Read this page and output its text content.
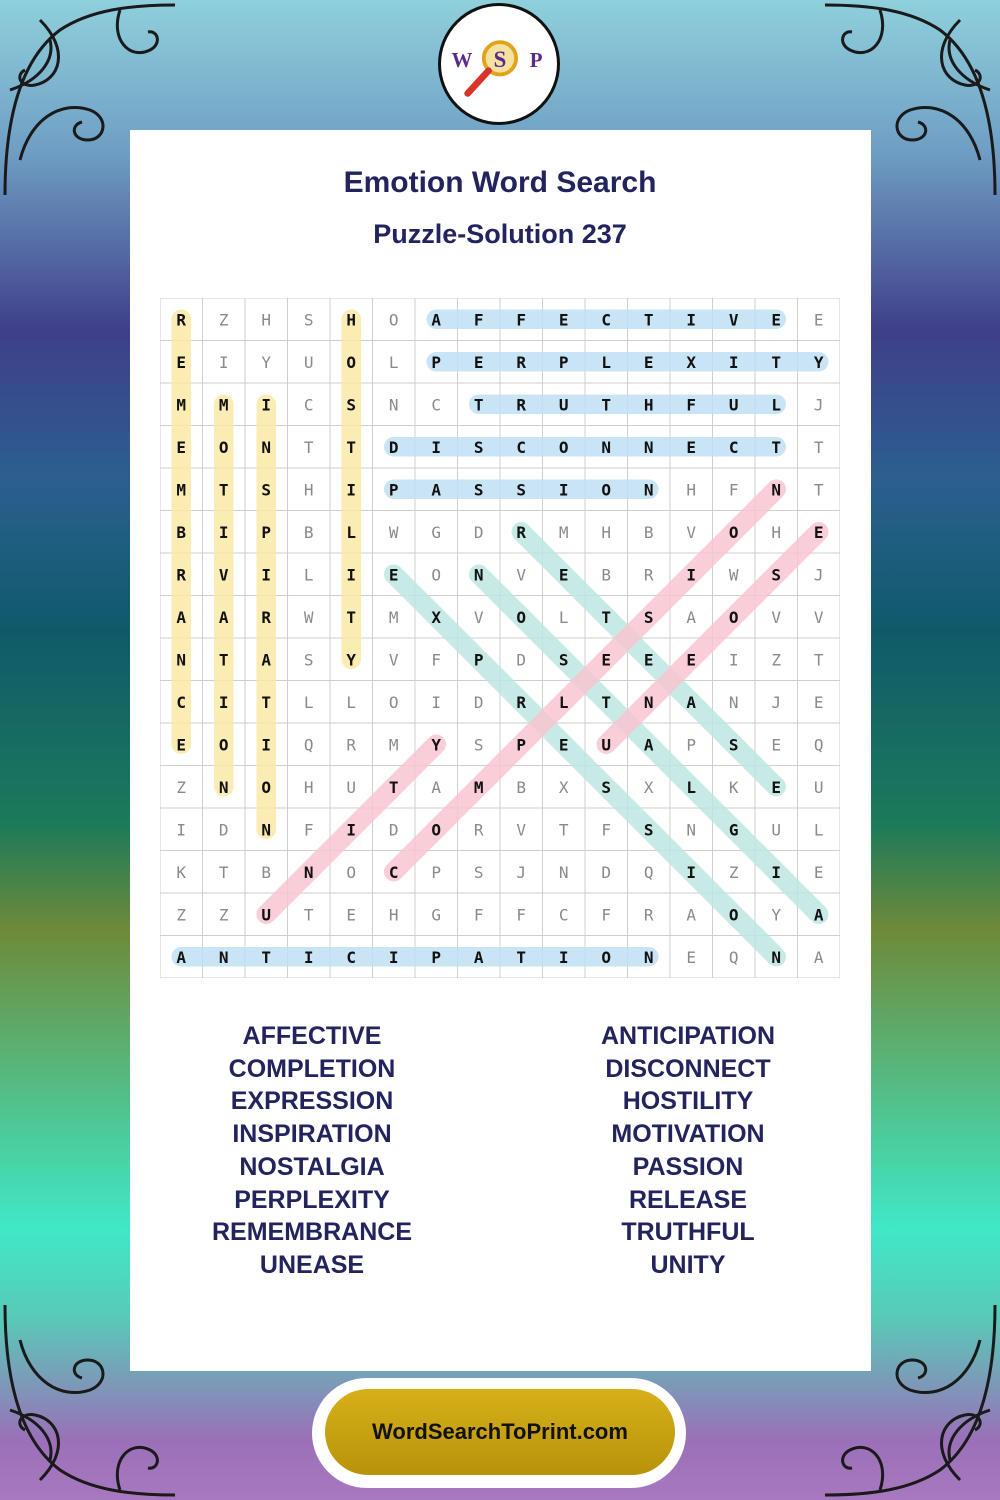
W S P
Emotion Word Search
Puzzle-Solution 237
R Z H S H O A F F E C T I V E E
E I Y U O L P E R P L E X I T Y
M M I C S N C T R U T H F U L J
E O N T T D I S C O N N E C T T
M T S H I P A S S I O N H F N T
B I P B L W G D R M H B V O H E
R V I L I E O N V E B R I W S J
A A R W T M X V O L T S A O V V
N T A S Y V F P D S E E E I Z T
C I T L L O I D R L T N A N J E
E O I Q R M Y S P E U A P S E Q
Z N O H U T A M B X S X L K E U
I D N F I D O R V T F S N G U L
K T B N O C P S J N D Q I Z I E
Z Z U T E H G F F C F R A O Y A
A N T I C I P A T I O N E Q N A
AFFECTIVE
COMPLETION
EXPRESSION
INSPIRATION
NOSTALGIA
PERPLEXITY
REMEMBRANCE
UNEASE
ANTICIPATION
DISCONNECT
HOSTILITY
MOTIVATION
PASSION
RELEASE
TRUTHFUL
UNITY
WordSearchToPrint.com
